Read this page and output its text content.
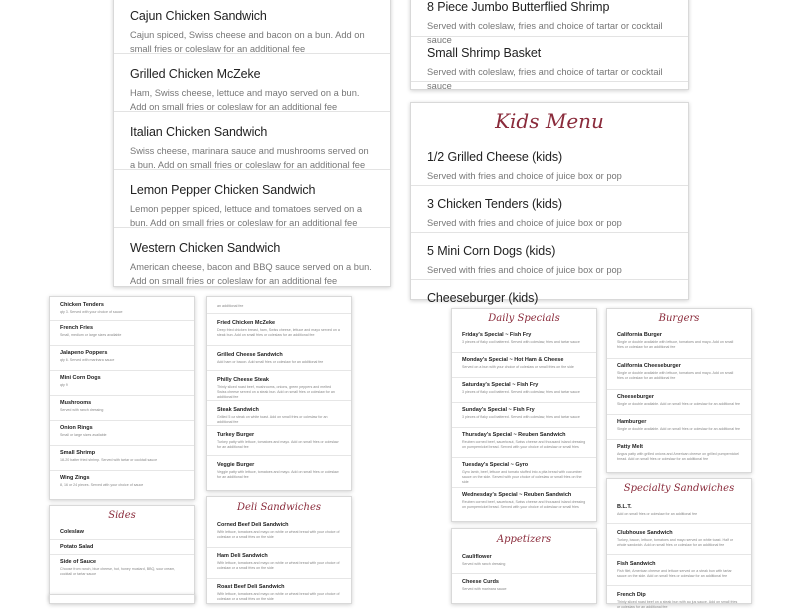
Cajun Chicken Sandwich
Cajun spiced, Swiss cheese and bacon on a bun. Add on small fries or coleslaw for an additional fee
Grilled Chicken McZeke
Ham, Swiss cheese, lettuce and mayo served on a bun. Add on small fries or coleslaw for an additional fee
Italian Chicken Sandwich
Swiss cheese, marinara sauce and mushrooms served on a bun. Add on small fries or coleslaw for an additional fee
Lemon Pepper Chicken Sandwich
Lemon pepper spiced, lettuce and tomatoes served on a bun. Add on small fries or coleslaw for an additional fee
Western Chicken Sandwich
American cheese, bacon and BBQ sauce served on a bun. Add on small fries or coleslaw for an additional fee
8 Piece Jumbo Butterflied Shrimp
Served with coleslaw, fries and choice of tartar or cocktail sauce
Small Shrimp Basket
Served with coleslaw, fries and choice of tartar or cocktail sauce
Kids Menu
1/2 Grilled Cheese (kids)
Served with fries and choice of juice box or pop
3 Chicken Tenders (kids)
Served with fries and choice of juice box or pop
5 Mini Corn Dogs (kids)
Served with fries and choice of juice box or pop
Cheeseburger (kids)
Chicken Tenders
qty 3. Served with your choice of sauce
French Fries
Small, medium or large sizes available
Jalapeno Poppers
qty 6. Served with marinara sauce
Mini Corn Dogs
qty 9
Mushrooms
Served with ranch dressing
Onion Rings
Small or large sizes available
Small Shrimp
18-20 batter fried shrimp. Served with tartar or cocktail sauce
Wing Zings
8, 16 or 24 pieces. Served with your choice of sauce
Sides
Coleslaw
Potato Salad
Side of Sauce
Choose from ranch, blue cheese, hot, honey mustard, BBQ, sour cream, cocktail or tartar sauce
an additional fee
Fried Chicken McZeke
Deep fried chicken breast, ham, Swiss cheese, lettuce and mayo served on a steak bun. Add on small fries or coleslaw for an additional fee
Grilled Cheese Sandwich
Add ham or bacon. Add small fries or coleslaw for an additional fee
Philly Cheese Steak
Thinly sliced roast beef, mushrooms, onions, green peppers and melted Swiss cheese served on a steak bun. Add on small fries or coleslaw for an additional fee
Steak Sandwich
Grilled 5 oz steak on white toast. Add on small fries or coleslaw for an additional fee
Turkey Burger
Turkey patty with lettuce, tomatoes and mayo. Add on small fries or coleslaw for an additional fee
Veggie Burger
Veggie patty with lettuce, tomatoes and mayo. Add on small fries or coleslaw for an additional fee
Deli Sandwiches
Corned Beef Deli Sandwich
With lettuce, tomatoes and mayo on white or wheat bread with your choice of coleslaw or a small fries on the side
Ham Deli Sandwich
With lettuce, tomatoes and mayo on white or wheat bread with your choice of coleslaw or a small fries on the side
Roast Beef Deli Sandwich
With lettuce, tomatoes and mayo on white or wheat bread with your choice of coleslaw or a small fries on the side
Daily Specials
Friday's Special ~ Fish Fry
3 pieces of flaky cod battered. Served with coleslaw, fries and tartar sauce
Monday's Special ~ Hot Ham & Cheese
Served on a bun with your choice of coleslaw or small fries on the side
Saturday's Special ~ Fish Fry
3 pieces of flaky cod battered. Served with coleslaw, fries and tartar sauce
Sunday's Special ~ Fish Fry
3 pieces of flaky cod battered. Served with coleslaw, fries and tartar sauce
Thursday's Special ~ Reuben Sandwich
Reuben corned beef, sauerkraut, Swiss cheese and thousand island dressing on pumpernickel bread. Served with your choice of coleslaw or small fries
Tuesday's Special ~ Gyro
Gyro lamb, beef, lettuce and tomato stuffed into a pita bread with cucumber sauce on the side. Served with your choice of coleslaw or small fries on the side
Wednesday's Special ~ Reuben Sandwich
Reuben corned beef, sauerkraut, Swiss cheese and thousand island dressing on pumpernickel bread. Served with your choice of coleslaw or small fries
Appetizers
Cauliflower
Served with ranch dressing
Cheese Curds
Served with marinara sauce
Burgers
California Burger
Single or double available with lettuce, tomatoes and mayo. Add on small fries or coleslaw for an additional fee
California Cheeseburger
Single or double available with lettuce, tomatoes and mayo. Add on small fries or coleslaw for an additional fee
Cheeseburger
Single or double available. Add on small fries or coleslaw for an additional fee
Hamburger
Single or double available. Add on small fries or coleslaw for an additional fee
Patty Melt
Angus patty with grilled onions and American cheese on grilled pumpernickel bread. Add on small fries or coleslaw for an additional fee
Specialty Sandwiches
B.L.T.
Add on small fries or coleslaw for an additional fee
Clubhouse Sandwich
Turkey, bacon, lettuce, tomatoes and mayo served on white toast. Half or whole sandwich. Add on small fries or coleslaw for an additional fee
Fish Sandwich
Fish filet, American cheese and lettuce served on a steak bun with tartar sauce on the side. Add on small fries or coleslaw for an additional fee
French Dip
Thinly sliced roast beef on a steak bun with au jus sauce. Add on small fries or coleslaw for an additional fee
